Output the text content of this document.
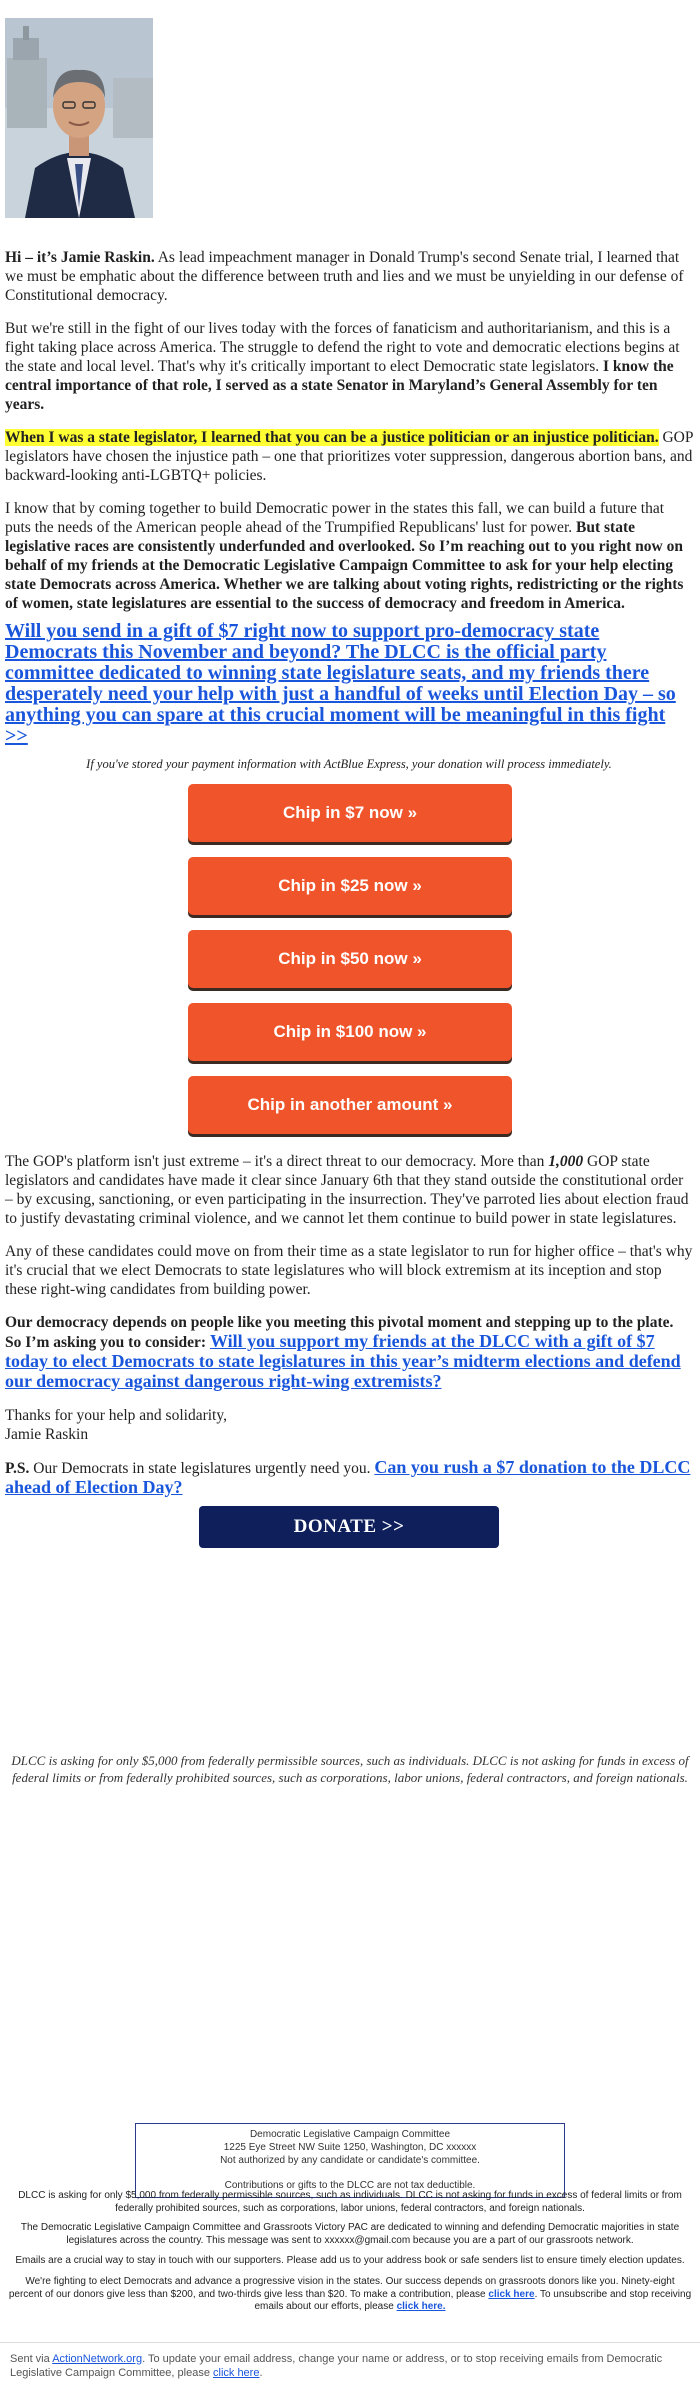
Hi – it’s Jamie Raskin. As lead impeachment manager in Donald Trump's second Senate trial, I learned that we must be emphatic about the difference between truth and lies and we must be unyielding in our defense of Constitutional democracy.

But we're still in the fight of our lives today with the forces of fanaticism and authoritarianism, and this is a fight taking place across America. The struggle to defend the right to vote and democratic elections begins at the state and local level. That's why it's critically important to elect Democratic state legislators. I know the central importance of that role, I served as a state Senator in Maryland’s General Assembly for ten years.

When I was a state legislator, I learned that you can be a justice politician or an injustice politician. GOP legislators have chosen the injustice path – one that prioritizes voter suppression, dangerous abortion bans, and backward-looking anti-LGBTQ+ policies.

I know that by coming together to build Democratic power in the states this fall, we can build a future that puts the needs of the American people ahead of the Trumpified Republicans' lust for power. But state legislative races are consistently underfunded and overlooked. So I’m reaching out to you right now on behalf of my friends at the Democratic Legislative Campaign Committee to ask for your help electing state Democrats across America. Whether we are talking about voting rights, redistricting or the rights of women, state legislatures are essential to the success of democracy and freedom in America.

Will you send in a gift of $7 right now to support pro-democracy state Democrats this November and beyond? The DLCC is the official party committee dedicated to winning state legislature seats, and my friends there desperately need your help with just a handful of weeks until Election Day – so anything you can spare at this crucial moment will be meaningful in this fight >>
If you've stored your payment information with ActBlue Express, your donation will process immediately.
Chip in $7 now »
Chip in $25 now »
Chip in $50 now »
Chip in $100 now »
Chip in another amount »

The GOP's platform isn't just extreme – it's a direct threat to our democracy. More than 1,000 GOP state legislators and candidates have made it clear since January 6th that they stand outside the constitutional order – by excusing, sanctioning, or even participating in the insurrection. They've parroted lies about election fraud to justify devastating criminal violence, and we cannot let them continue to build power in state legislatures.

Any of these candidates could move on from their time as a state legislator to run for higher office – that's why it's crucial that we elect Democrats to state legislatures who will block extremism at its inception and stop these right-wing candidates from building power.

Our democracy depends on people like you meeting this pivotal moment and stepping up to the plate. So I’m asking you to consider: Will you support my friends at the DLCC with a gift of $7 today to elect Democrats to state legislatures in this year’s midterm elections and defend our democracy against dangerous right-wing extremists?

Thanks for your help and solidarity,
Jamie Raskin

P.S. Our Democrats in state legislatures urgently need you. Can you rush a $7 donation to the DLCC ahead of Election Day?

DONATE >>
DLCC is asking for only $5,000 from federally permissible sources, such as individuals. DLCC is not asking for funds in excess of federal limits or from federally prohibited sources, such as corporations, labor unions, federal contractors, and foreign nationals.
Democratic Legislative Campaign Committee
1225 Eye Street NW Suite 1250, Washington, DC xxxxxx
Not authorized by any candidate or candidate's committee.
Contributions or gifts to the DLCC are not tax deductible.
DLCC is asking for only $5,000 from federally permissible sources, such as individuals. DLCC is not asking for funds in excess of federal limits or from federally prohibited sources, such as corporations, labor unions, federal contractors, and foreign nationals.
The Democratic Legislative Campaign Committee and Grassroots Victory PAC are dedicated to winning and defending Democratic majorities in state legislatures across the country. This message was sent to xxxxxx@gmail.com because you are a part of our grassroots network.
Emails are a crucial way to stay in touch with our supporters. Please add us to your address book or safe senders list to ensure timely election updates.
We're fighting to elect Democrats and advance a progressive vision in the states. Our success depends on grassroots donors like you. Ninety-eight percent of our donors give less than $200, and two-thirds give less than $20. To make a contribution, please click here. To unsubscribe and stop receiving emails about our efforts, please click here.
Sent via ActionNetwork.org. To update your email address, change your name or address, or to stop receiving emails from Democratic Legislative Campaign Committee, please click here.
